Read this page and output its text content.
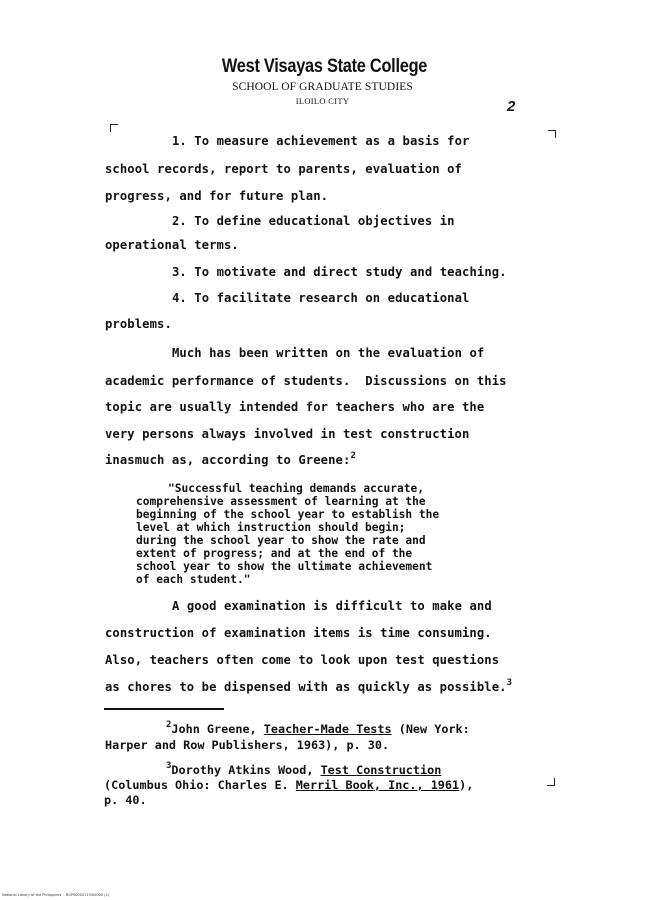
West Visayas State College
SCHOOL OF GRADUATE STUDIES
ILOILO CITY	2
1. To measure achievement as a basis for
school records, report to parents, evaluation of
progress, and for future plan.
2. To define educational objectives in
operational terms.
3. To motivate and direct study and teaching.
4. To facilitate research on educational
problems.
Much has been written on the evaluation of
academic performance of students.  Discussions on this
topic are usually intended for teachers who are the
very persons always involved in test construction
inasmuch as, according to Greene:$^2$
"Successful teaching demands accurate,
comprehensive assessment of learning at the
beginning of the school year to establish the
level at which instruction should begin;
during the school year to show the rate and
extent of progress; and at the end of the
school year to show the ultimate achievement
of each student."
A good examination is difficult to make and
construction of examination items is time consuming.
Also, teachers often come to look upon test questions
as chores to be dispensed with as quickly as possible.$^3$
$^2$John Greene, Teacher-Made Tests (New York:
Harper and Row Publishers, 1963), p. 30.
$^3$Dorothy Atkins Wood, Test Construction
(Columbus Ohio: Charles E. Merril Book, Inc., 1961),
p. 40.
National Library of the Philippines    RGP00000113/00000 (2)
